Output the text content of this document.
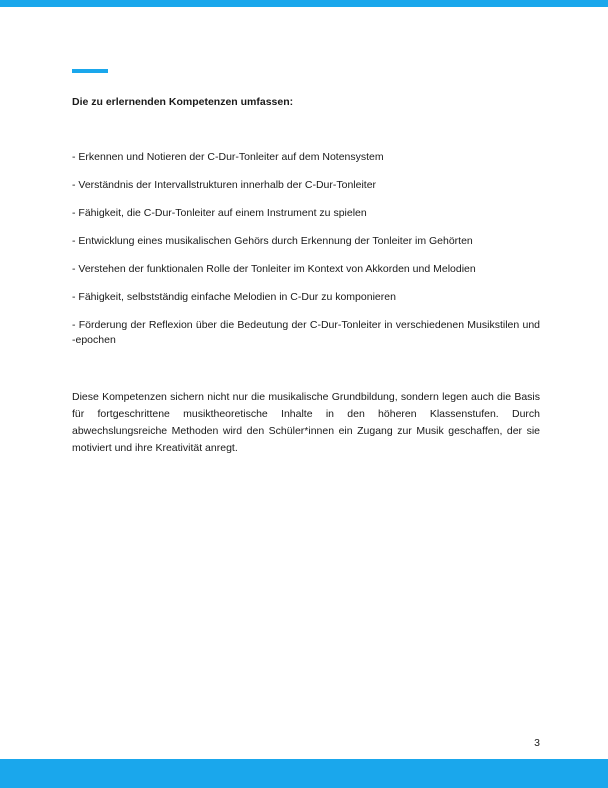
Die zu erlernenden Kompetenzen umfassen:

- Erkennen und Notieren der C-Dur-Tonleiter auf dem Notensystem
- Verständnis der Intervallstrukturen innerhalb der C-Dur-Tonleiter
- Fähigkeit, die C-Dur-Tonleiter auf einem Instrument zu spielen
- Entwicklung eines musikalischen Gehörs durch Erkennung der Tonleiter im Gehörten
- Verstehen der funktionalen Rolle der Tonleiter im Kontext von Akkorden und Melodien
- Fähigkeit, selbstständig einfache Melodien in C-Dur zu komponieren
- Förderung der Reflexion über die Bedeutung der C-Dur-Tonleiter in verschiedenen Musikstilen und -epochen

Diese Kompetenzen sichern nicht nur die musikalische Grundbildung, sondern legen auch die Basis für fortgeschrittene musiktheoretische Inhalte in den höheren Klassenstufen. Durch abwechslungsreiche Methoden wird den Schüler*innen ein Zugang zur Musik geschaffen, der sie motiviert und ihre Kreativität anregt.

3
